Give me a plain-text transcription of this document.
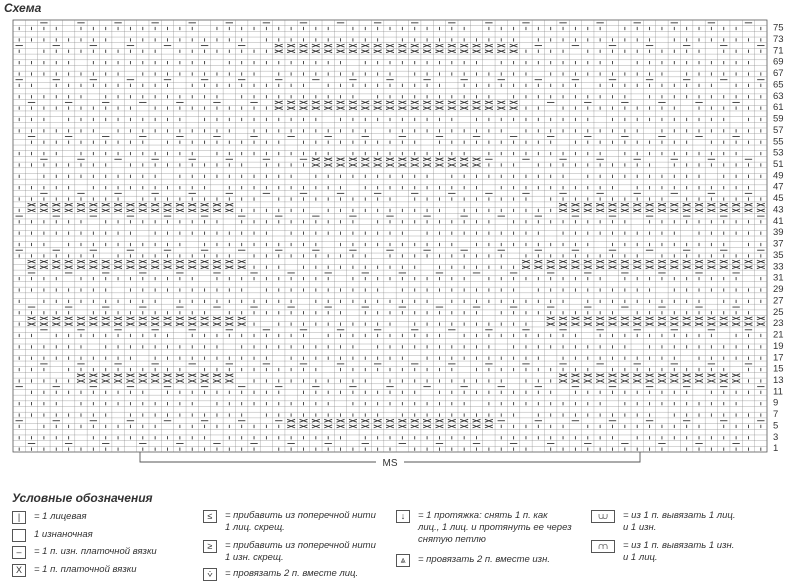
Схема
1
3
5
7
9
11
13
15
17
19
21
23
25
27
29
31
33
35
37
39
41
43
45
47
49
51
53
55
57
59
61
63
65
67
69
71
73
75
MS
Условные обозначения
|	= 1 лицевая
1 изнаночная
–	= 1 п. изн. платочной вязки
X	= 1 п. платочной вязки
≤	= прибавить из поперечной нити
1 лиц. скрещ.
≥	= прибавить из поперечной нити
1 изн. скрещ.
⩒	= провязать 2 п. вместе лиц.
↓	= 1 протяжка: снять 1 п. как
лиц., 1 лиц. и протянуть ее через
снятую петлю
⩓	= провязать 2 п. вместе изн.
⩊	= из 1 п. вывязать 1 лиц.
и 1 изн.
⩋	= из 1 п. вывязать 1 изн.
и 1 лиц.
